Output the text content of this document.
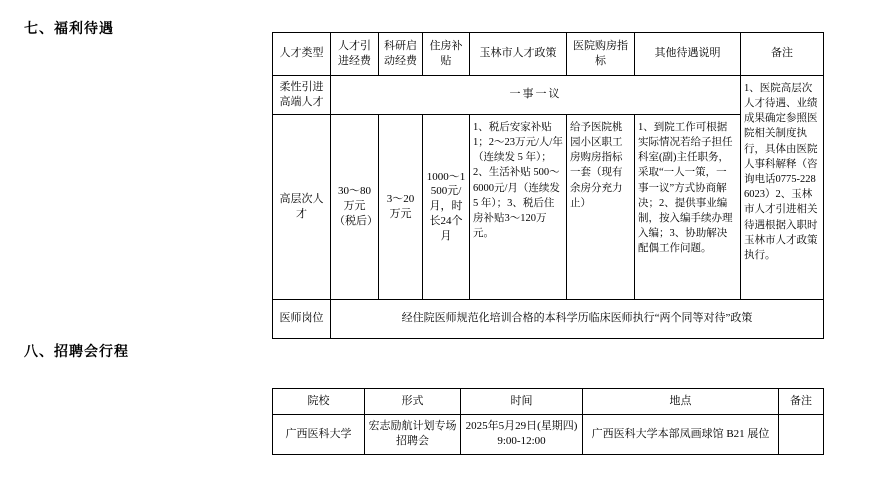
七、福利待遇
人才类型	人才引进经费	科研启动经费	住房补贴	玉林市人才政策	医院购房指标	其他待遇说明	备注
柔性引进高端人才	一事一议						1、医院高层次人才待遇、业绩成果确定参照医院相关制度执行，具体由医院人事科解释（咨询电话0775-2286023）2、玉林市人才引进相关待遇根据入职时玉林市人才政策执行。
高层次人才	30～80万元（税后）	3～20万元	1000～1500元/月，时长24个月	1、税后安家补贴1；2～23万元/人/年（连续发 5 年）；2、生活补贴 500～6000元/月（连续发 5 年）；3、税后住房补贴3～120万元。	给予医院桃园小区职工房购房指标一套（现有余房分充力止）	1、到院工作可根据实际情况若给子担任科室(副)主任职务，采取“一人一策，一事一议”方式协商解决；2、提供事业编制，按入编手续办理入编；3、协助解决配偶工作问题。	
医师岗位	经住院医师规范化培训合格的本科学历临床医师执行“两个同等对待”政策						
八、招聘会行程
院校	形式	时间	地点	备注
广西医科大学	宏志励航计划专场招聘会	2025年5月29日(星期四)9:00-12:00	广西医科大学本部凤画球馆 B21 展位	
